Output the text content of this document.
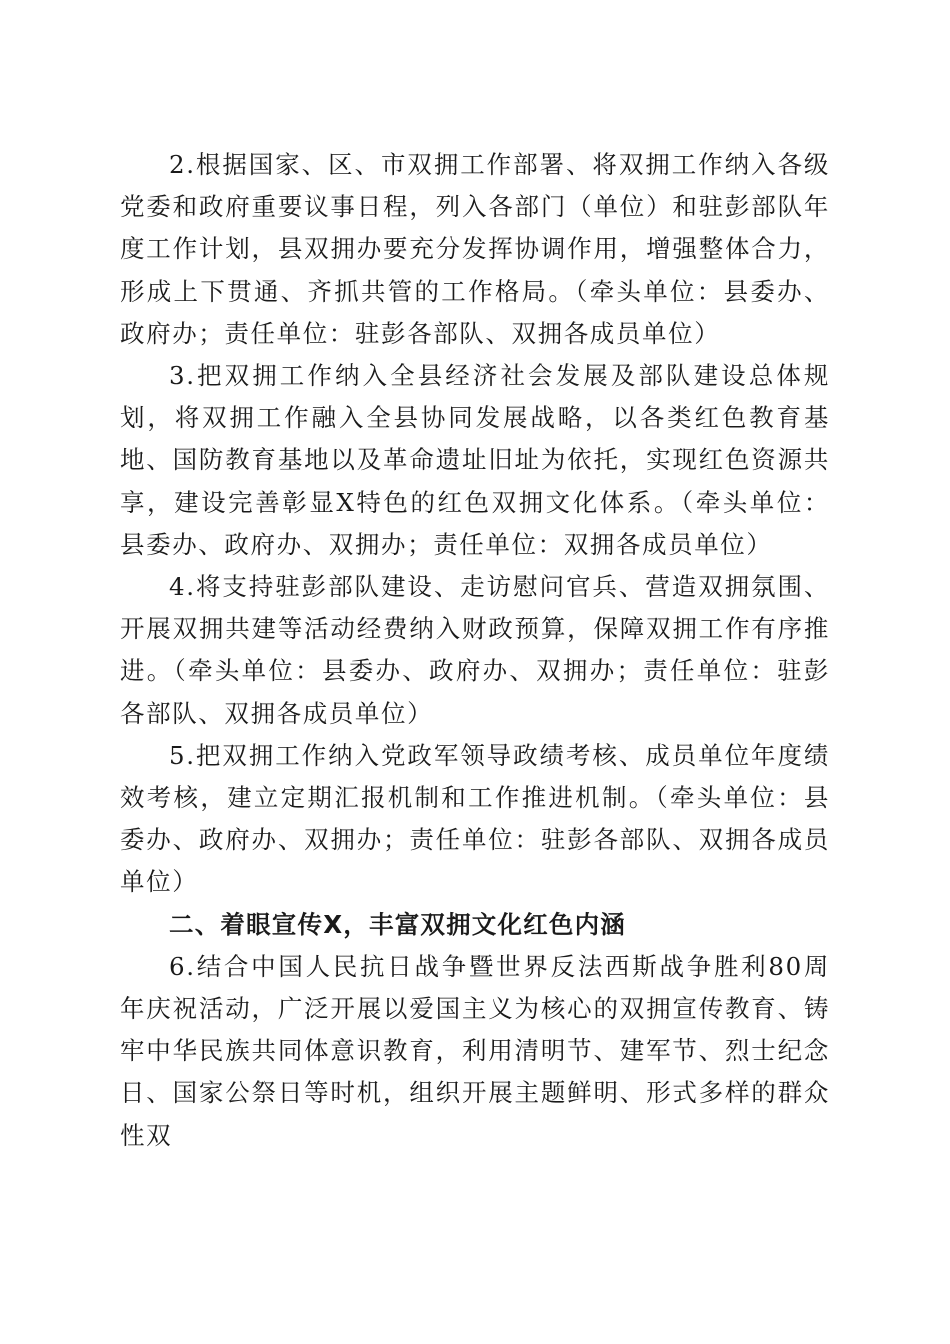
2.根据国家、区、市双拥工作部署、将双拥工作纳入各级党委和政府重要议事日程，列入各部门（单位）和驻彭部队年度工作计划，县双拥办要充分发挥协调作用，增强整体合力，形成上下贯通、齐抓共管的工作格局。（牵头单位：县委办、政府办；责任单位：驻彭各部队、双拥各成员单位）

3.把双拥工作纳入全县经济社会发展及部队建设总体规划，将双拥工作融入全县协同发展战略，以各类红色教育基地、国防教育基地以及革命遗址旧址为依托，实现红色资源共享，建设完善彰显X特色的红色双拥文化体系。（牵头单位：县委办、政府办、双拥办；责任单位：双拥各成员单位）

4.将支持驻彭部队建设、走访慰问官兵、营造双拥氛围、开展双拥共建等活动经费纳入财政预算，保障双拥工作有序推进。（牵头单位：县委办、政府办、双拥办；责任单位：驻彭各部队、双拥各成员单位）

5.把双拥工作纳入党政军领导政绩考核、成员单位年度绩效考核，建立定期汇报机制和工作推进机制。（牵头单位：县委办、政府办、双拥办；责任单位：驻彭各部队、双拥各成员单位）

二、着眼宣传X，丰富双拥文化红色内涵

6.结合中国人民抗日战争暨世界反法西斯战争胜利80周年庆祝活动，广泛开展以爱国主义为核心的双拥宣传教育、铸牢中华民族共同体意识教育，利用清明节、建军节、烈士纪念日、国家公祭日等时机，组织开展主题鲜明、形式多样的群众性双
